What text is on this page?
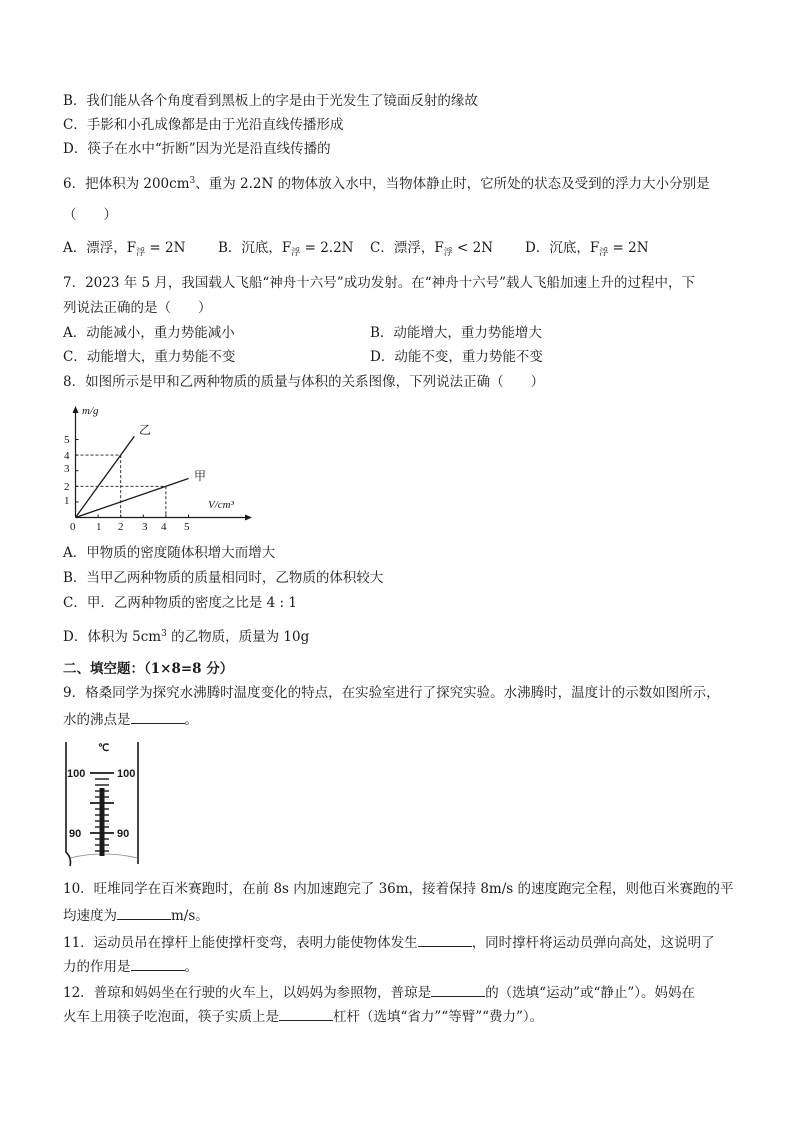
B．我们能从各个角度看到黑板上的字是由于光发生了镜面反射的缘故
C．手影和小孔成像都是由于光沿直线传播形成
D．筷子在水中“折断”因为光是沿直线传播的
6．把体积为 $200cm^3$、重为 2.2N 的物体放入水中，当物体静止时，它所处的状态及受到的浮力大小分别是
（　　）
A．漂浮，$F_浮 = 2N$ B．沉底，$F_浮 = 2.2N$ C．漂浮，$F_浮 < 2N$ D．沉底，$F_浮 = 2N$
7．2023 年 5 月，我国载人飞船“神舟十六号”成功发射。在“神舟十六号”载人飞船加速上升的过程中，下
列说法正确的是（　　）
A．动能减小，重力势能减小	B．动能增大，重力势能增大
C．动能增大，重力势能不变	D．动能不变，重力势能不变
8．如图所示是甲和乙两种物质的质量与体积的关系图像，下列说法正确（　　）
m/g
V/cm³
0
乙
甲
1
2
3
4
5
1 2 3 4 5
A．甲物质的密度随体积增大而增大
B．当甲乙两种物质的质量相同时，乙物质的体积较大
C．甲．乙两种物质的密度之比是 4 : 1
D．体积为 $5cm^3$ 的乙物质，质量为 10g
二、填空题：（1×8=8 分）
9．格桑同学为探究水沸腾时温度变化的特点，在实验室进行了探究实验。水沸腾时，温度计的示数如图所示，
水的沸点是	。
℃
100	100
90	90
10．旺堆同学在百米赛跑时，在前 8s 内加速跑完了 36m，接着保持 8m/s 的速度跑完全程，则他百米赛跑的平
均速度为	m/s。
11．运动员吊在撑杆上能使撑杆变弯，表明力能使物体发生	，同时撑杆将运动员弹向高处，这说明了
力的作用是	。
12．普琼和妈妈坐在行驶的火车上，以妈妈为参照物，普琼是	的（选填“运动”或“静止”）。妈妈在
火车上用筷子吃泡面，筷子实质上是	杠杆（选填“省力”“等臂”“费力”）。
